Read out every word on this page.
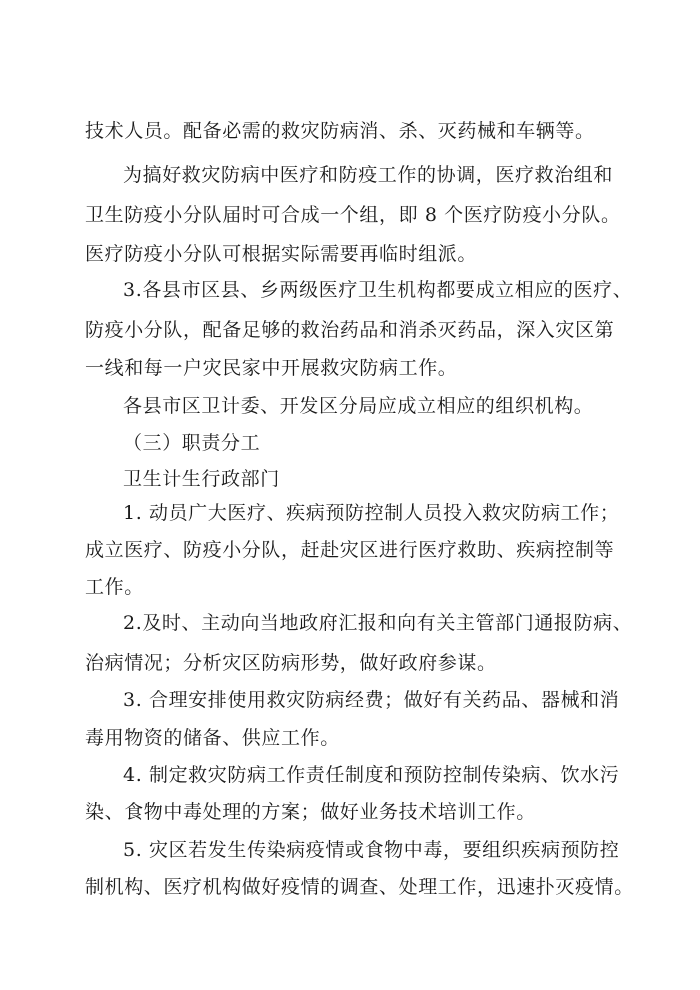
技术人员。配备必需的救灾防病消、杀、灭药械和车辆等。
为搞好救灾防病中医疗和防疫工作的协调，医疗救治组和
卫生防疫小分队届时可合成一个组，即 8 个医疗防疫小分队。
医疗防疫小分队可根据实际需要再临时组派。
3.各县市区县、乡两级医疗卫生机构都要成立相应的医疗、
防疫小分队，配备足够的救治药品和消杀灭药品，深入灾区第
一线和每一户灾民家中开展救灾防病工作。
各县市区卫计委、开发区分局应成立相应的组织机构。
（三）职责分工
卫生计生行政部门
1. 动员广大医疗、疾病预防控制人员投入救灾防病工作；
成立医疗、防疫小分队，赶赴灾区进行医疗救助、疾病控制等
工作。
2.及时、主动向当地政府汇报和向有关主管部门通报防病、
治病情况；分析灾区防病形势，做好政府参谋。
3. 合理安排使用救灾防病经费；做好有关药品、器械和消
毒用物资的储备、供应工作。
4. 制定救灾防病工作责任制度和预防控制传染病、饮水污
染、食物中毒处理的方案；做好业务技术培训工作。
5. 灾区若发生传染病疫情或食物中毒，要组织疾病预防控
制机构、医疗机构做好疫情的调查、处理工作，迅速扑灭疫情。
